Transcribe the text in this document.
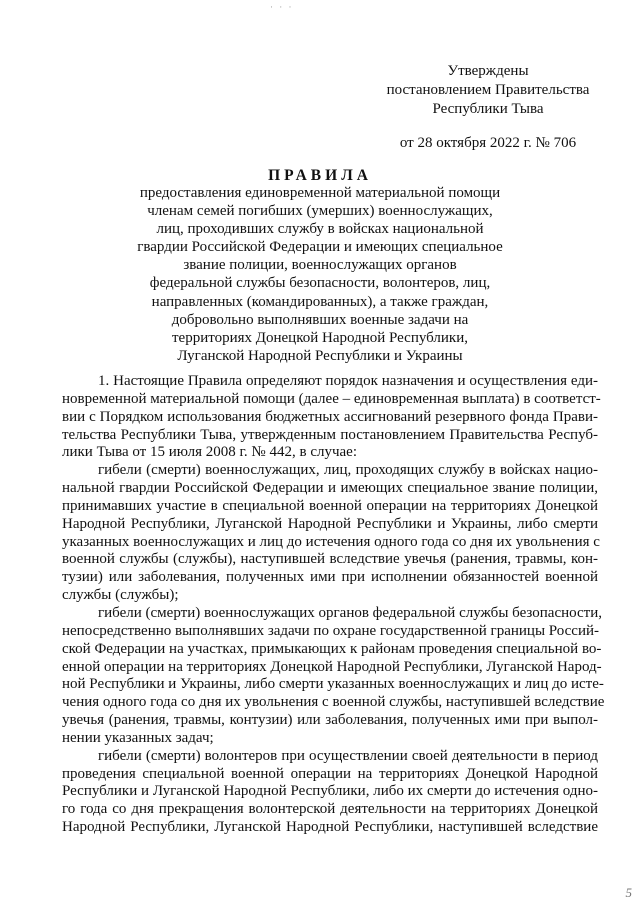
· · ·
Утверждены
постановлением Правительства
Республики Тыва
от 28 октября 2022 г. № 706
ПРАВИЛА
предоставления единовременной материальной помощи
членам семей погибших (умерших) военнослужащих,
лиц, проходивших службу в войсках национальной
гвардии Российской Федерации и имеющих специальное
звание полиции, военнослужащих органов
федеральной службы безопасности, волонтеров, лиц,
направленных (командированных), а также граждан,
добровольно выполнявших военные задачи на
территориях Донецкой Народной Республики,
Луганской Народной Республики и Украины
1. Настоящие Правила определяют порядок назначения и осуществления еди-
новременной материальной помощи (далее – единовременная выплата) в соответст-
вии с Порядком использования бюджетных ассигнований резервного фонда Прави-
тельства Республики Тыва, утвержденным постановлением Правительства Респуб-
лики Тыва от 15 июля 2008 г. № 442, в случае:
гибели (смерти) военнослужащих, лиц, проходящих службу в войсках нацио-
нальной гвардии Российской Федерации и имеющих специальное звание полиции,
принимавших участие в специальной военной операции на территориях Донецкой
Народной Республики, Луганской Народной Республики и Украины, либо смерти
указанных военнослужащих и лиц до истечения одного года со дня их увольнения с
военной службы (службы), наступившей вследствие увечья (ранения, травмы, кон-
тузии) или заболевания, полученных ими при исполнении обязанностей военной
службы (службы);
гибели (смерти) военнослужащих органов федеральной службы безопасности,
непосредственно выполнявших задачи по охране государственной границы Россий-
ской Федерации на участках, примыкающих к районам проведения специальной во-
енной операции на территориях Донецкой Народной Республики, Луганской Народ-
ной Республики и Украины, либо смерти указанных военнослужащих и лиц до исте-
чения одного года со дня их увольнения с военной службы, наступившей вследствие
увечья (ранения, травмы, контузии) или заболевания, полученных ими при выпол-
нении указанных задач;
гибели (смерти) волонтеров при осуществлении своей деятельности в период
проведения специальной военной операции на территориях Донецкой Народной
Республики и Луганской Народной Республики, либо их смерти до истечения одно-
го года со дня прекращения волонтерской деятельности на территориях Донецкой
Народной Республики, Луганской Народной Республики, наступившей вследствие
5
